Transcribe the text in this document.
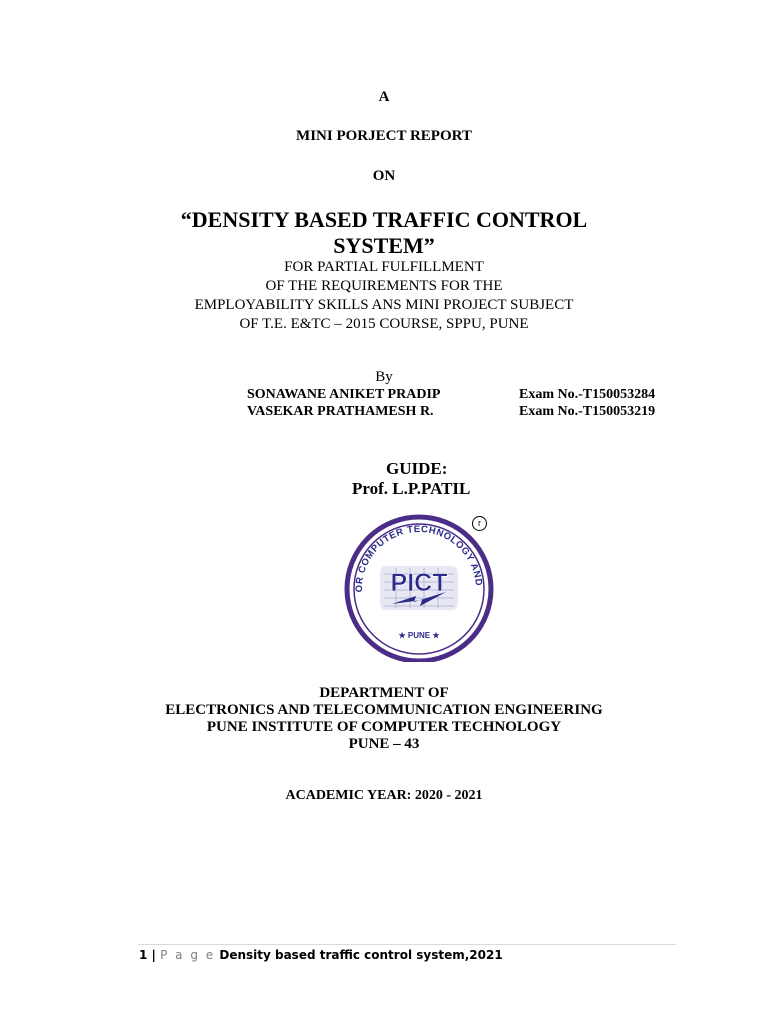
A
MINI PORJECT REPORT
ON
“DENSITY BASED TRAFFIC CONTROL
SYSTEM”
FOR PARTIAL FULFILLMENT
OF THE REQUIREMENTS FOR THE
EMPLOYABILITY SKILLS ANS MINI PROJECT SUBJECT
OF T.E. E&TC – 2015 COURSE, SPPU, PUNE
By
SONAWANE ANIKET PRADIP
VASEKAR PRATHAMESH R.
Exam No.-T150053284
Exam No.-T150053219
GUIDE:
Prof. L.P.PATIL
OR COMPUTER TECHNOLOGY AND
★ PUNE ★
PICT
r
DEPARTMENT OF
ELECTRONICS AND TELECOMMUNICATION ENGINEERING
PUNE INSTITUTE OF COMPUTER TECHNOLOGY
PUNE – 43
ACADEMIC YEAR: 2020 - 2021
1 | P a g e Density based traffic control system,2021
